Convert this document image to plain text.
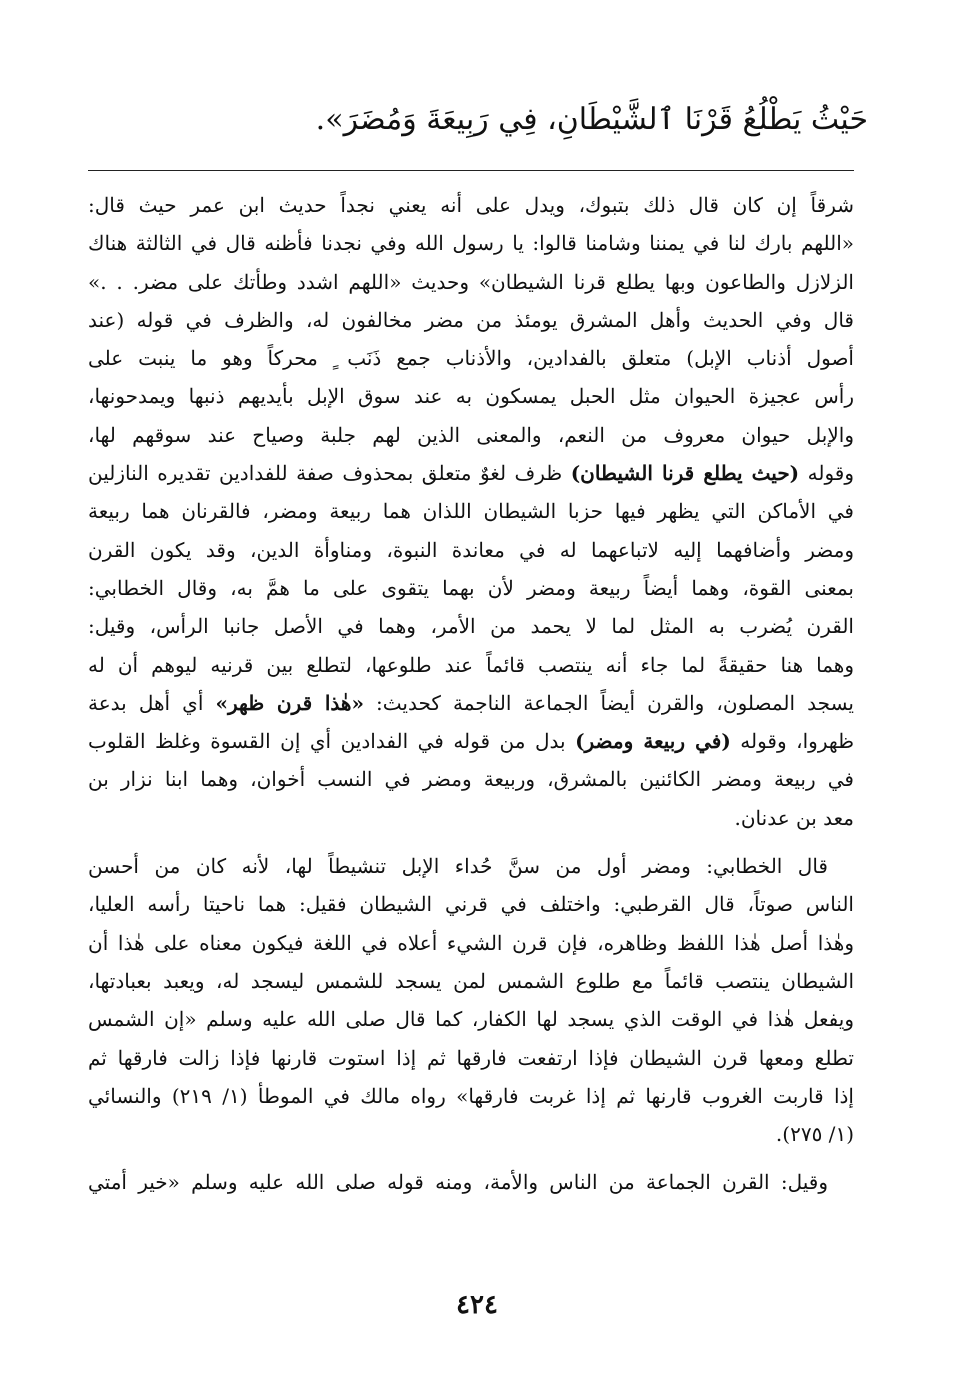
حَيْثُ يَطْلُعُ قَرْنَا ٱلشَّيْطَانِ، فِي رَبِيعَةَ وَمُضَرَ».
شرقاً إن كان قال ذلك بتبوك، ويدل على أنه يعني نجداً حديث ابن عمر حيث قال:
«اللهم بارك لنا في يمننا وشامنا قالوا: يا رسول الله وفي نجدنا فأظنه قال في الثالثة هناك
الزلازل والطاعون وبها يطلع قرنا الشيطان» وحديث «اللهم اشدد وطأتك على مضر. . .»
قال وفي الحديث وأهل المشرق يومئذ من مضر مخالفون له، والظرف في قوله (عند
أصول أذناب الإبل) متعلق بالفدادين، والأذناب جمع ذَنَب ٍ محركاً وهو ما ينبت على
رأس عجيزة الحيوان مثل الحبل يمسكون به عند سوق الإبل بأيديهم ذنبها ويمدحونها،
والإبل حيوان معروف من النعم، والمعنى الذين لهم جلبة وصياح عند سوقهم لها،
وقوله (حيث يطلع قرنا الشيطان) ظرف لغوٌ متعلق بمحذوف صفة للفدادين تقديره النازلين
في الأماكن التي يظهر فيها حزبا الشيطان اللذان هما ربيعة ومضر، فالقرنان هما ربيعة
ومضر وأضافهما إليه لاتباعهما له في معاندة النبوة، ومناوأة الدين، وقد يكون القرن
بمعنى القوة، وهما أيضاً ربيعة ومضر لأن بهما يتقوى على ما همَّ به، وقال الخطابي:
القرن يُضرب به المثل لما لا يحمد من الأمر، وهما في الأصل جانبا الرأس، وقيل:
وهما هنا حقيقةً لما جاء أنه ينتصب قائماً عند طلوعها، لتطلع بين قرنيه ليوهم أن له
يسجد المصلون، والقرن أيضاً الجماعة الناجمة كحديث: «هٰذا قرن ظهر» أي أهل بدعة
ظهروا، وقوله (في ربيعة ومضر) بدل من قوله في الفدادين أي إن القسوة وغلظ القلوب
في ربيعة ومضر الكائنين بالمشرق، وربيعة ومضر في النسب أخوان، وهما ابنا نزار بن
معد بن عدنان.
قال الخطابي: ومضر أول من سنَّ حُداء الإبل تنشيطاً لها، لأنه كان من أحسن
الناس صوتاً، قال القرطبي: واختلف في قرني الشيطان فقيل: هما ناحيتا رأسه العليا،
وهٰذا أصل هٰذا اللفظ وظاهره، فإن قرن الشيء أعلاه في اللغة فيكون معناه على هٰذا أن
الشيطان ينتصب قائماً مع طلوع الشمس لمن يسجد للشمس ليسجد له، ويعبد بعبادتها،
ويفعل هٰذا في الوقت الذي يسجد لها الكفار، كما قال صلى الله عليه وسلم «إن الشمس
تطلع ومعها قرن الشيطان فإذا ارتفعت فارقها ثم إذا استوت قارنها فإذا زالت فارقها ثم
إذا قاربت الغروب قارنها ثم إذا غربت فارقها» رواه مالك في الموطأ (١/ ٢١٩) والنسائي
(١/ ٢٧٥).
وقيل: القرن الجماعة من الناس والأمة، ومنه قوله صلى الله عليه وسلم «خير أمتي
٤٢٤
